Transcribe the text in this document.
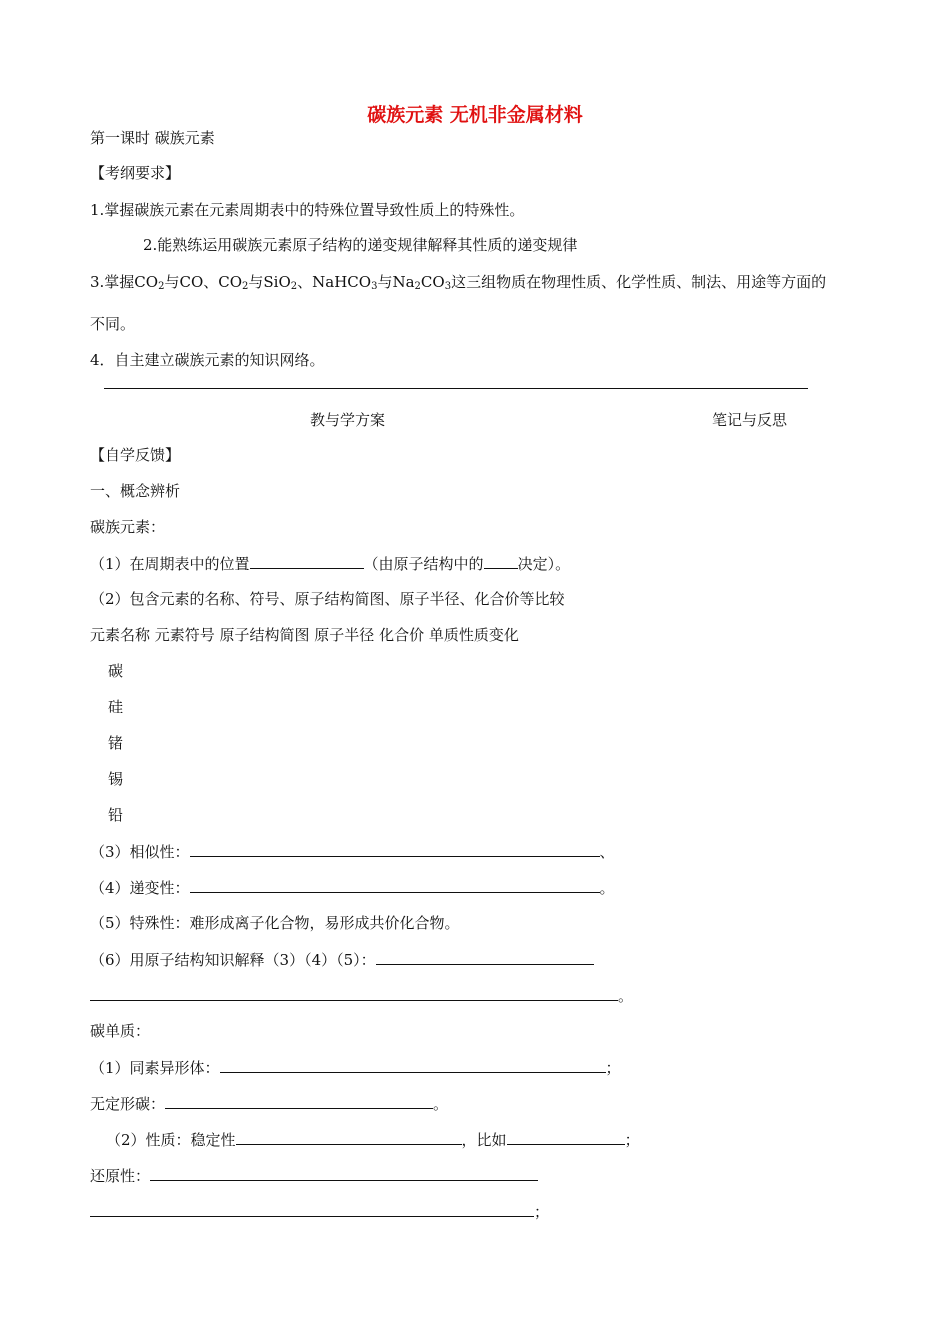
碳族元素 无机非金属材料
第一课时 碳族元素
【考纲要求】
1.掌握碳族元素在元素周期表中的特殊位置导致性质上的特殊性。
2.能熟练运用碳族元素原子结构的递变规律解释其性质的递变规律
3.掌握$CO_2$与CO、$CO_2$与SiO$_2$、NaHCO$_3$与$Na_2CO_3$这三组物质在物理性质、化学性质、制法、用途等方面的
不同。
4．自主建立碳族元素的知识网络。
教与学方案	笔记与反思
【自学反馈】
一、概念辨析
碳族元素：
（1）在周期表中的位置	（由原子结构中的 决定）。
（2）包含元素的名称、符号、原子结构简图、原子半径、化合价等比较
元素名称 元素符号 原子结构简图 原子半径 化合价 单质性质变化
碳
硅
锗
锡
铅
（3）相似性：	、
（4）递变性：	。
（5）特殊性：难形成离子化合物，易形成共价化合物。
（6）用原子结构知识解释（3）（4）（5）：
。
碳单质：
（1）同素异形体：	；
无定形碳：	。
（2）性质：稳定性	，比如	；
还原性：
；
